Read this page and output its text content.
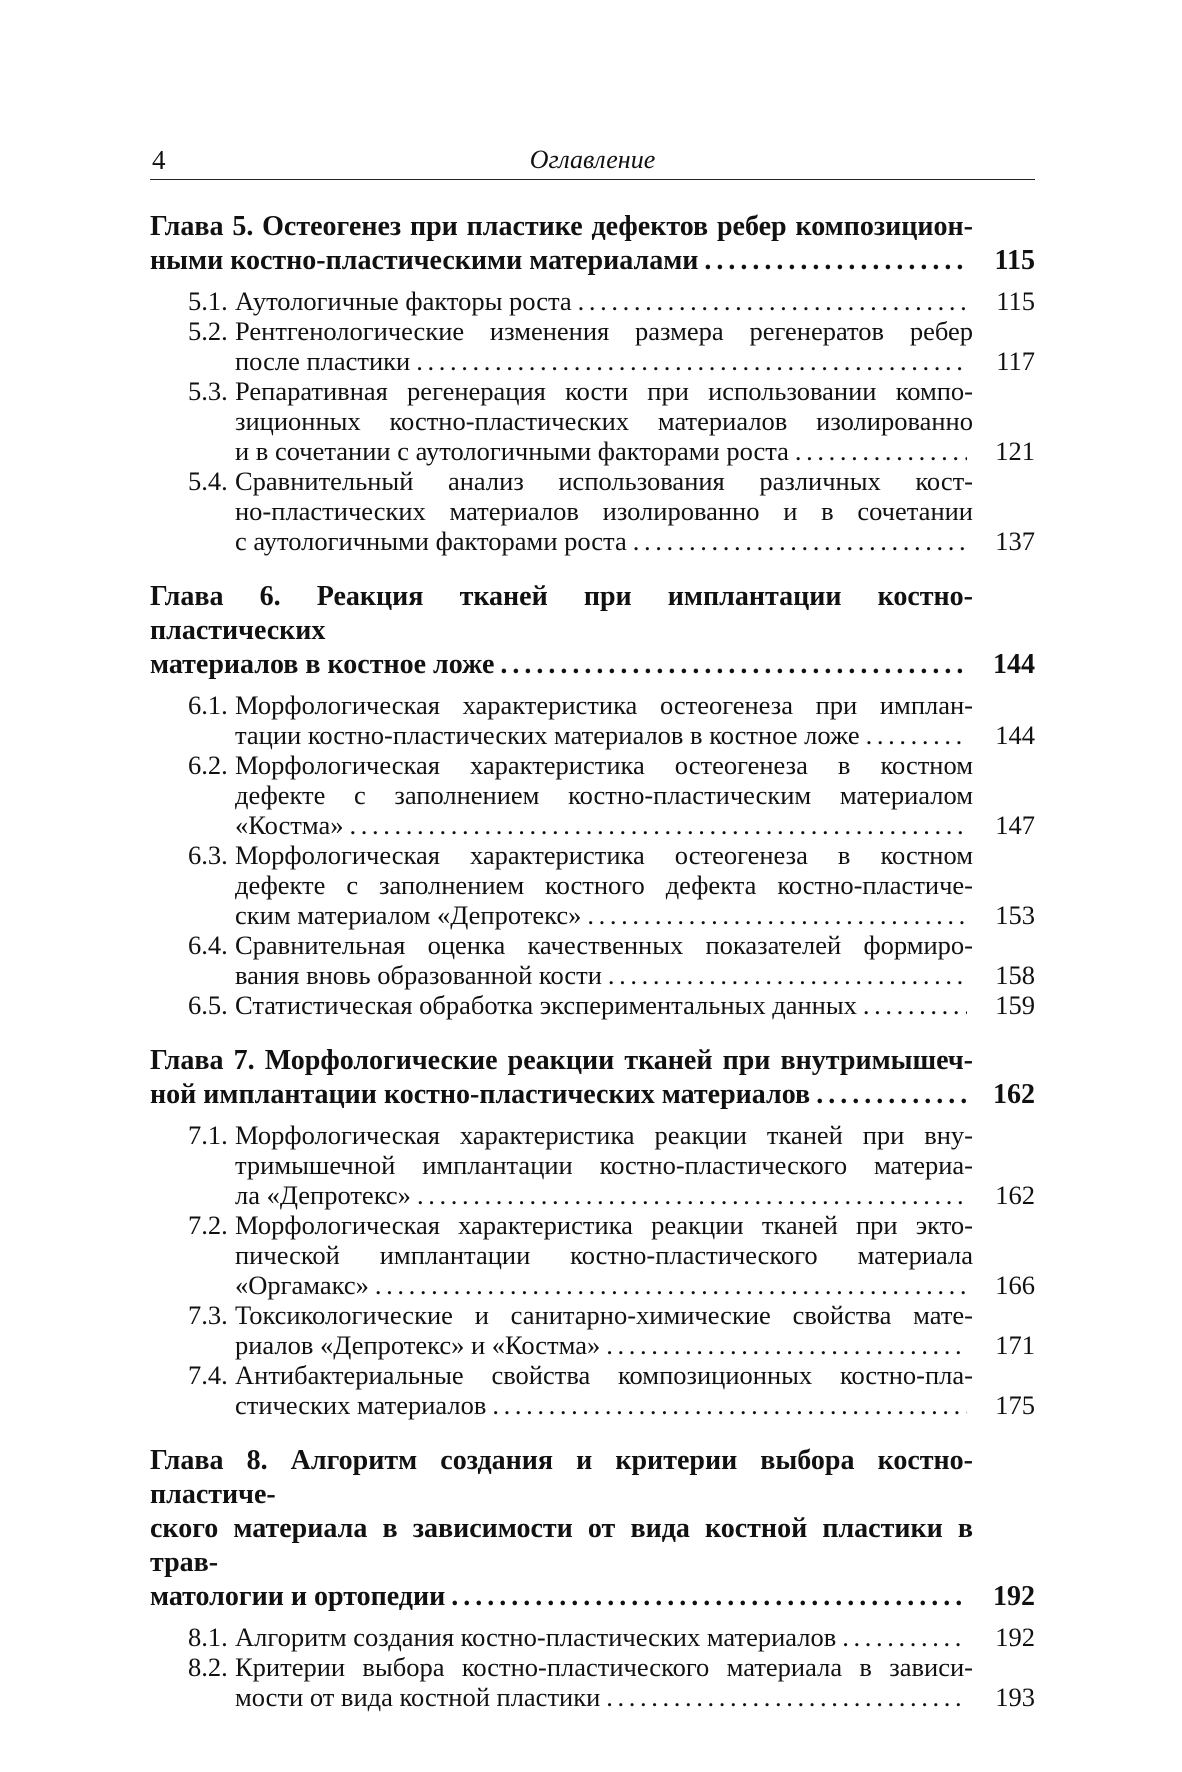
4	Оглавление
Глава 5. Остеогенез при пластике дефектов ребер композицион-
ными костно-пластическими материалами . . .	115
5.1. Аутологичные факторы роста . . .	115
5.2. Рентгенологические изменения размера регенератов ребер
после пластики . . .	117
5.3. Репаративная регенерация кости при использовании компо-
зиционных костно-пластических материалов изолированно
и в сочетании с аутологичными факторами роста . . .	121
5.4. Сравнительный анализ использования различных кост-
но-пластических материалов изолированно и в сочетании
с аутологичными факторами роста . . .	137
Глава 6. Реакция тканей при имплантации костно-пластических
материалов в костное ложе . . .	144
6.1. Морфологическая характеристика остеогенеза при имплан-
тации костно-пластических материалов в костное ложе . . .	144
6.2. Морфологическая характеристика остеогенеза в костном
дефекте с заполнением костно-пластическим материалом
«Костма» . . .	147
6.3. Морфологическая характеристика остеогенеза в костном
дефекте с заполнением костного дефекта костно-пластиче-
ским материалом «Депротекс» . . .	153
6.4. Сравнительная оценка качественных показателей формиро-
вания вновь образованной кости . . .	158
6.5. Статистическая обработка экспериментальных данных . . .	159
Глава 7. Морфологические реакции тканей при внутримышеч-
ной имплантации костно-пластических материалов . . .	162
7.1. Морфологическая характеристика реакции тканей при вну-
тримышечной имплантации костно-пластического материа-
ла «Депротекс» . . .	162
7.2. Морфологическая характеристика реакции тканей при экто-
пической имплантации костно-пластического материала
«Оргамакс» . . .	166
7.3. Токсикологические и санитарно-химические свойства мате-
риалов «Депротекс» и «Костма» . . .	171
7.4. Антибактериальные свойства композиционных костно-пла-
стических материалов . . .	175
Глава 8. Алгоритм создания и критерии выбора костно-пластиче-
ского материала в зависимости от вида костной пластики в трав-
матологии и ортопедии . . .	192
8.1. Алгоритм создания костно-пластических материалов . . .	192
8.2. Критерии выбора костно-пластического материала в зависи-
мости от вида костной пластики . . .	193
